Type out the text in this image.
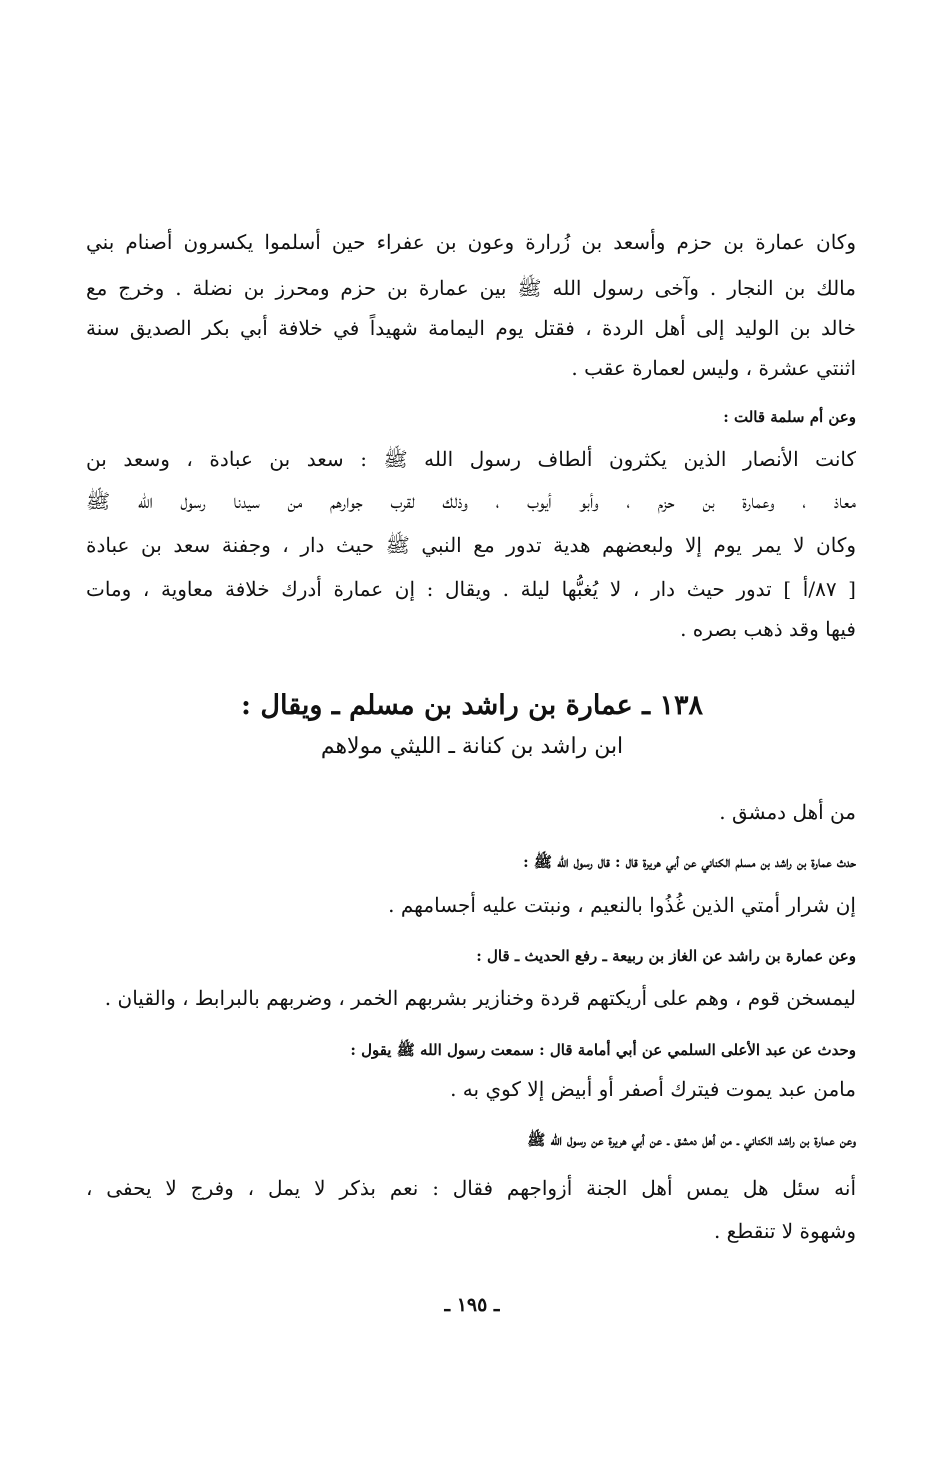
وكان عمارة بن حزم وأسعد بن زُرارة وعون بن عفراء حين أسلموا يكسرون أصنام بني
مالك بن النجار . وآخى رسول الله ﷺ بين عمارة بن حزم ومحرز بن نضلة . وخرج مع
خالد بن الوليد إلى أهل الردة ، فقتل يوم اليمامة شهيداً في خلافة أبي بكر الصديق سنة
اثنتي عشرة ، وليس لعمارة عقب .
وعن أم سلمة قالت :
كانت الأنصار الذين يكثرون ألطاف رسول الله ﷺ : سعد بن عبادة ، وسعد بن
معاذ ، وعمارة بن حزم ، وأبو أيوب ، وذلك لقرب جوارهم من سيدنا رسول الله ﷺ
وكان لا يمر يوم إلا ولبعضهم هدية تدور مع النبي ﷺ حيث دار ، وجفنة سعد بن عبادة
[ ٨٧/أ ] تدور حيث دار ، لا يُغبُّها ليلة . ويقال : إن عمارة أدرك خلافة معاوية ، ومات
فيها وقد ذهب بصره .
١٣٨ ـ عمارة بن راشد بن مسلم ـ ويقال :
ابن راشد بن كنانة ـ الليثي مولاهم
من أهل دمشق .
حدث عمارة بن راشد بن مسلم الكناني عن أبي هريرة قال : قال رسول الله ﷺ :
إن شرار أمتي الذين غُذُوا بالنعيم ، ونبتت عليه أجسامهم .
وعن عمارة بن راشد عن الغاز بن ربيعة ـ رفع الحديث ـ قال :
ليمسخن قوم ، وهم على أريكتهم قردة وخنازير بشربهم الخمر ، وضربهم بالبرابط ، والقيان .
وحدث عن عبد الأعلى السلمي عن أبي أمامة قال : سمعت رسول الله ﷺ يقول :
مامن عبد يموت فيترك أصفر أو أبيض إلا كوي به .
وعن عمارة بن راشد الكناني ـ من أهل دمشق ـ عن أبي هريرة عن رسول الله ﷺ
أنه سئل هل يمس أهل الجنة أزواجهم فقال : نعم بذكر لا يمل ، وفرج لا يحفى ،
وشهوة لا تنقطع .
ـ ١٩٥ ـ
